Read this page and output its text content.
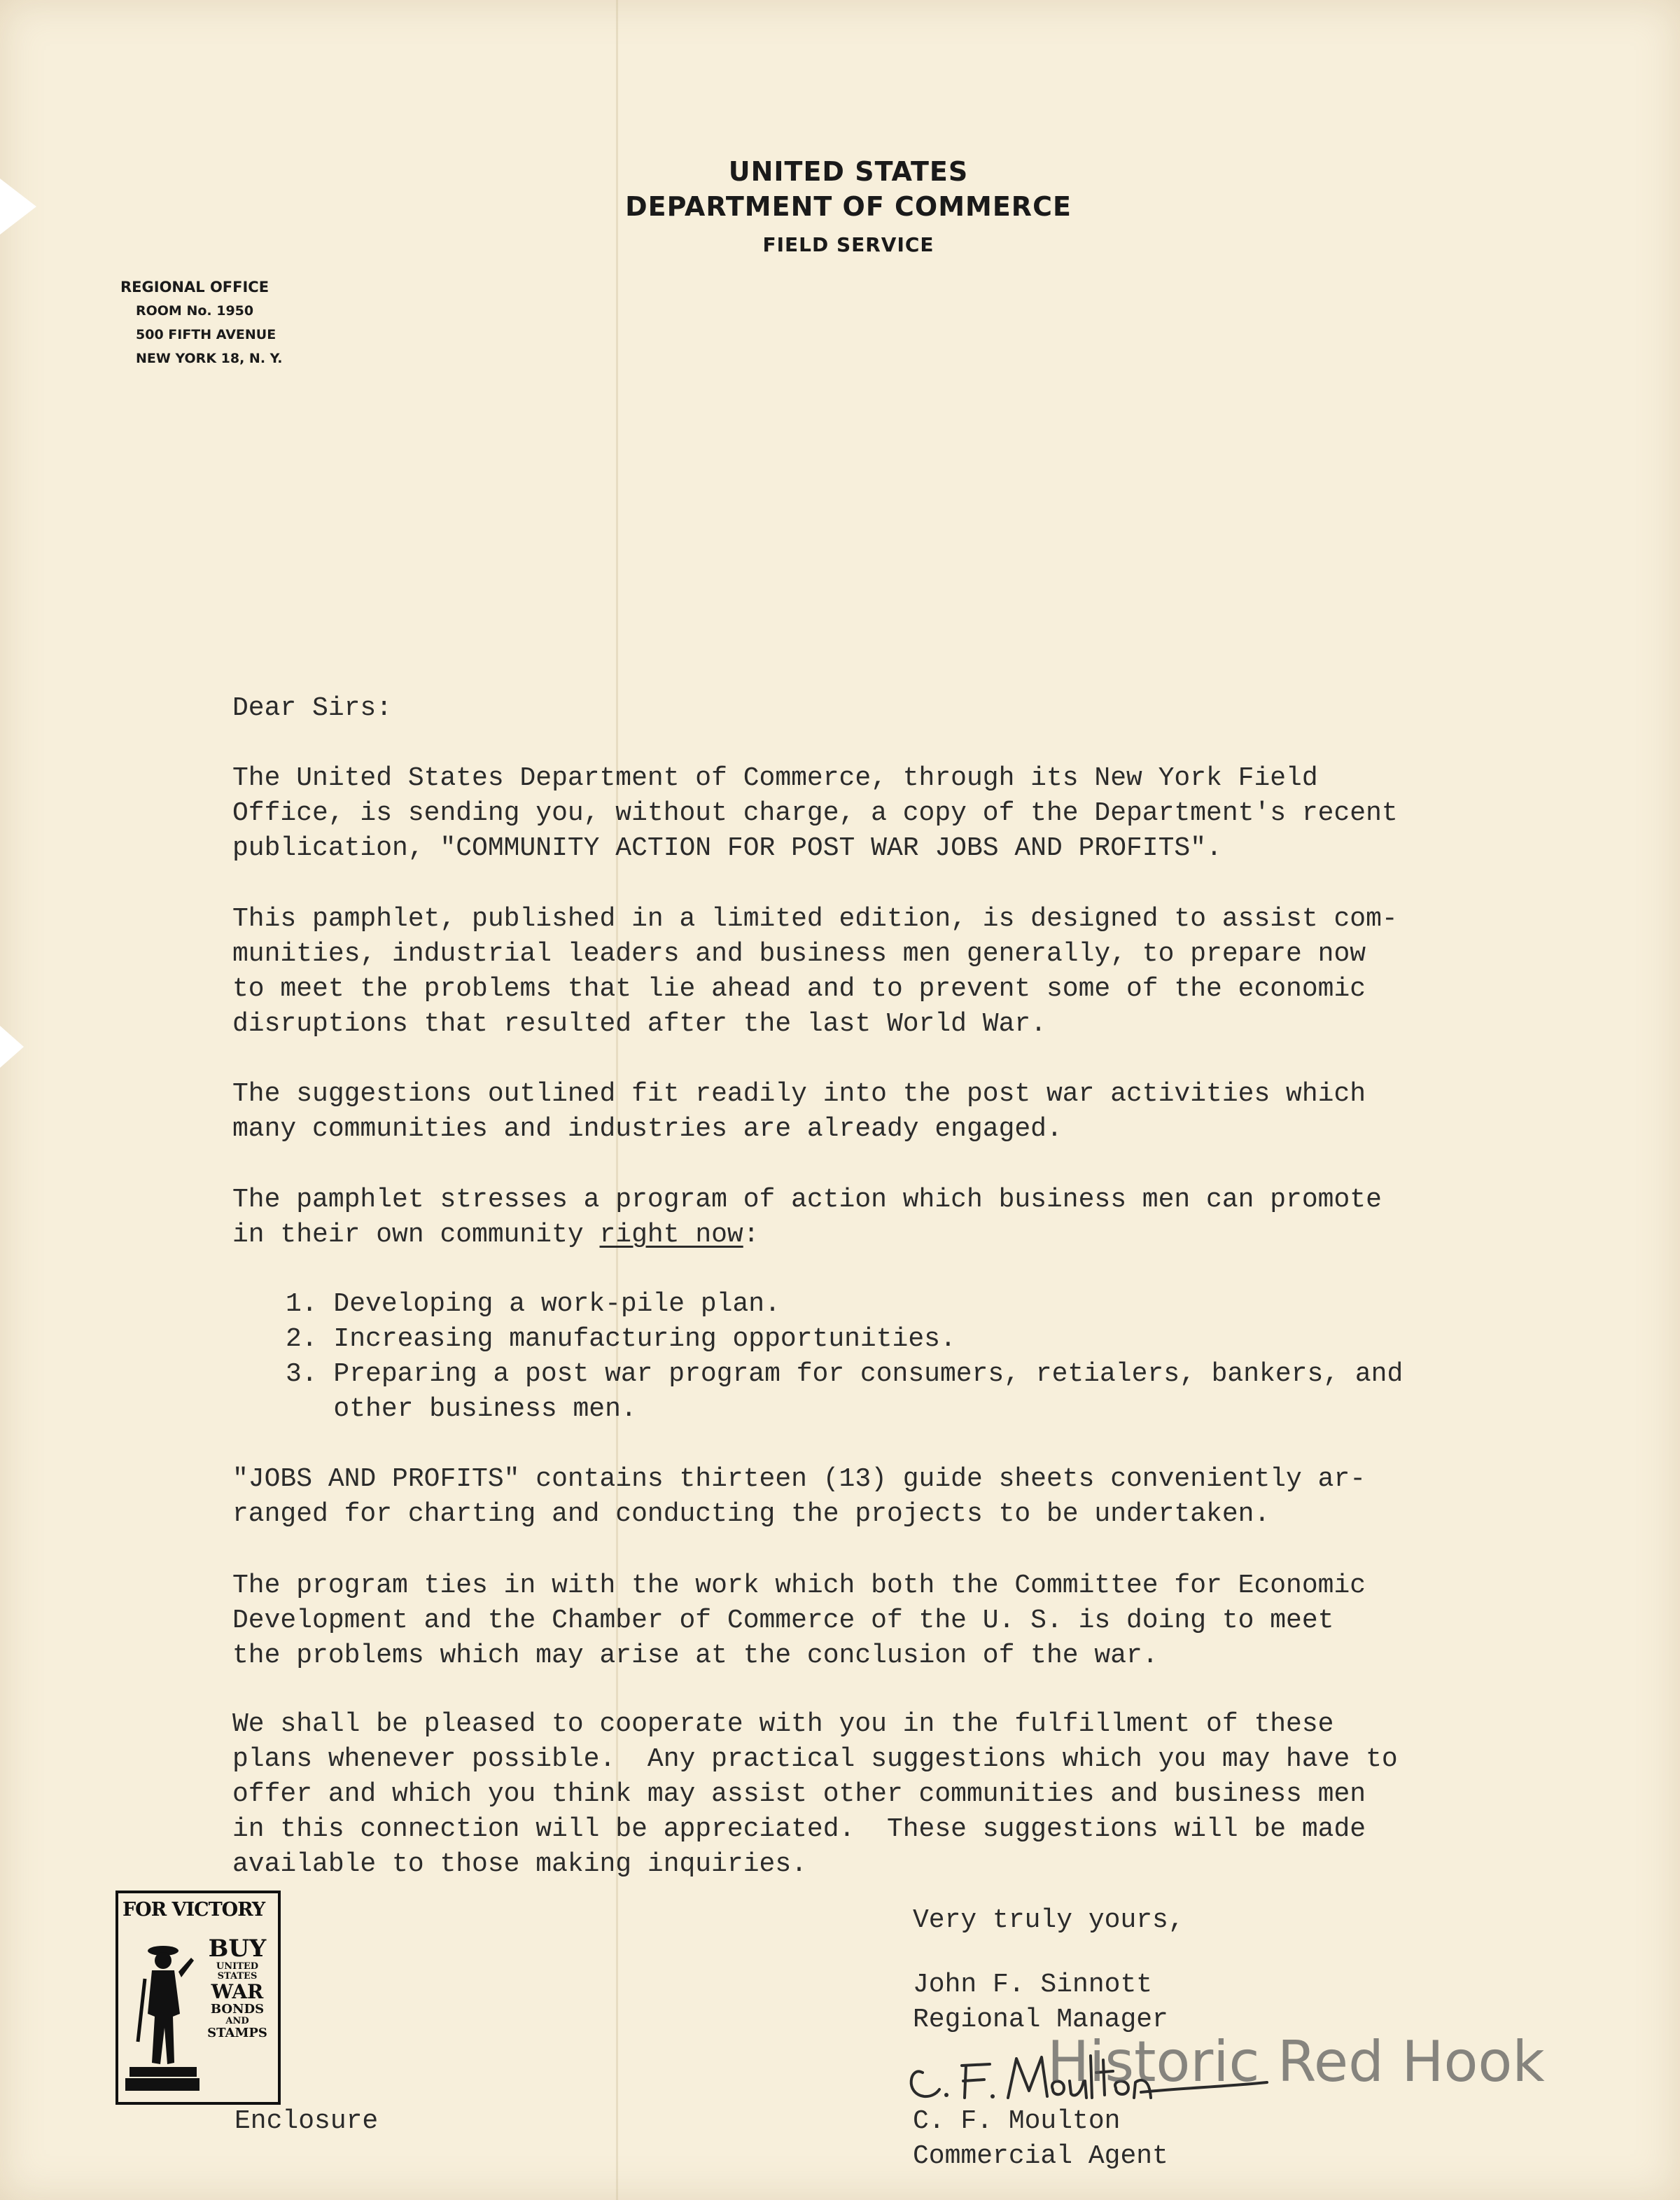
UNITED STATES
DEPARTMENT OF COMMERCE
FIELD SERVICE
REGIONAL OFFICE
ROOM No. 1950
500 FIFTH AVENUE
NEW YORK 18, N. Y.
Dear Sirs:
The United States Department of Commerce, through its New York Field
Office, is sending you, without charge, a copy of the Department's recent
publication, "COMMUNITY ACTION FOR POST WAR JOBS AND PROFITS".
This pamphlet, published in a limited edition, is designed to assist com-
munities, industrial leaders and business men generally, to prepare now
to meet the problems that lie ahead and to prevent some of the economic
disruptions that resulted after the last World War.
The suggestions outlined fit readily into the post war activities which
many communities and industries are already engaged.
The pamphlet stresses a program of action which business men can promote
in their own community right now:
1. Developing a work-pile plan.
2. Increasing manufacturing opportunities.
3. Preparing a post war program for consumers, retialers, bankers, and
other business men.
"JOBS AND PROFITS" contains thirteen (13) guide sheets conveniently ar-
ranged for charting and conducting the projects to be undertaken.
The program ties in with the work which both the Committee for Economic
Development and the Chamber of Commerce of the U. S. is doing to meet
the problems which may arise at the conclusion of the war.
We shall be pleased to cooperate with you in the fulfillment of these
plans whenever possible.  Any practical suggestions which you may have to
offer and which you think may assist other communities and business men
in this connection will be appreciated.  These suggestions will be made
available to those making inquiries.
Very truly yours,
John F. Sinnott
Regional Manager
Historic Red Hook
C. F. Moulton
Commercial Agent
Enclosure
FOR VICTORY
BUY
UNITED STATES
WAR
BONDS
AND
STAMPS
